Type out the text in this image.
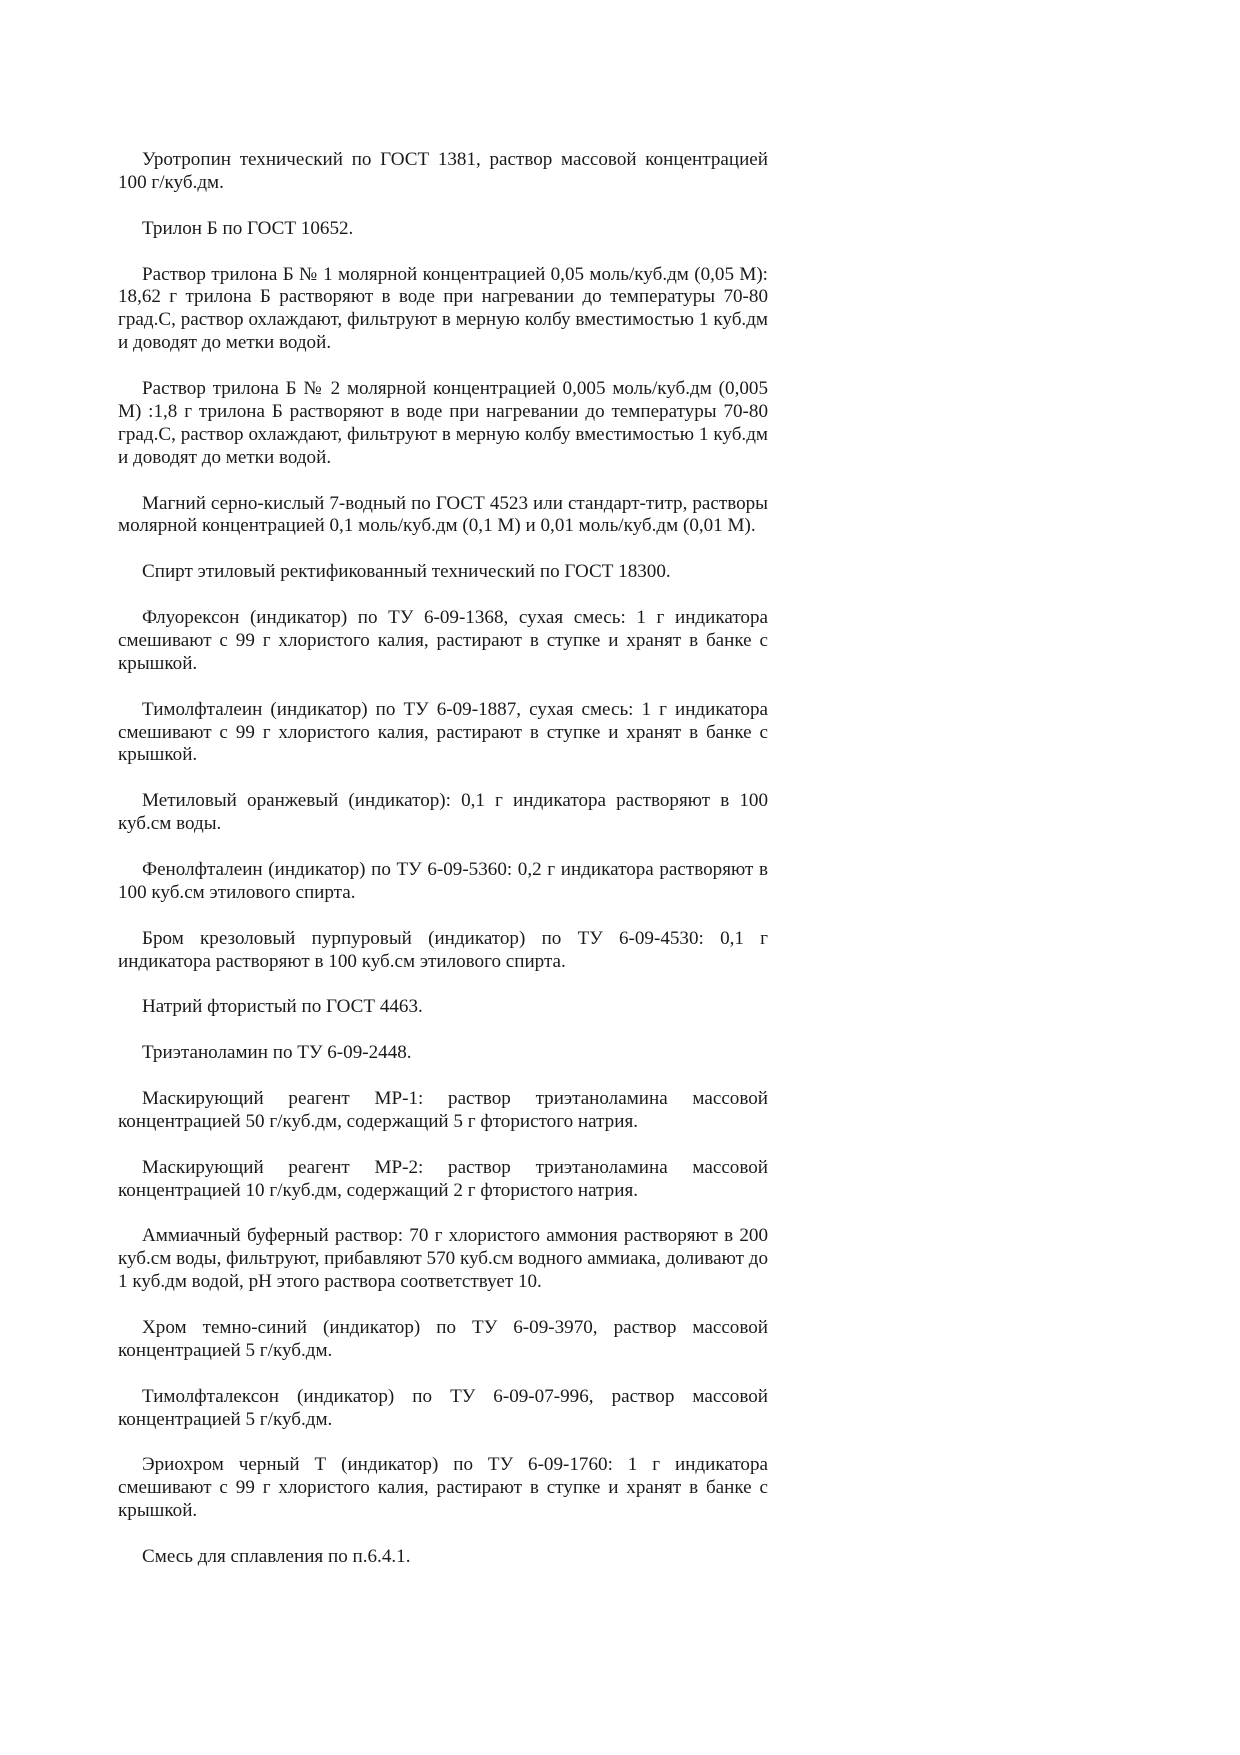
Уротропин технический по ГОСТ 1381, раствор массовой концентрацией 100 г/куб.дм.

Трилон Б по ГОСТ 10652.

Раствор трилона Б № 1 молярной концентрацией 0,05 моль/куб.дм (0,05 М): 18,62 г трилона Б растворяют в воде при нагревании до температуры 70-80 град.С, раствор охлаждают, фильтруют в мерную колбу вместимостью 1 куб.дм и доводят до метки водой.

Раствор трилона Б № 2 молярной концентрацией 0,005 моль/куб.дм (0,005 М) :1,8 г трилона Б растворяют в воде при нагревании до температуры 70-80 град.С, раствор охлаждают, фильтруют в мерную колбу вместимостью 1 куб.дм и доводят до метки водой.

Магний серно-кислый 7-водный по ГОСТ 4523 или стандарт-титр, растворы молярной концентрацией 0,1 моль/куб.дм (0,1 М) и 0,01 моль/куб.дм (0,01 М).

Спирт этиловый ректификованный технический по ГОСТ 18300.

Флуорексон (индикатор) по ТУ 6-09-1368, сухая смесь: 1 г индикатора смешивают с 99 г хлористого калия, растирают в ступке и хранят в банке с крышкой.

Тимолфталеин (индикатор) по ТУ 6-09-1887, сухая смесь: 1 г индикатора смешивают с 99 г хлористого калия, растирают в ступке и хранят в банке с крышкой.

Метиловый оранжевый (индикатор): 0,1 г индикатора растворяют в 100 куб.см воды.

Фенолфталеин (индикатор) по ТУ 6-09-5360: 0,2 г индикатора растворяют в 100 куб.см этилового спирта.

Бром крезоловый пурпуровый (индикатор) по ТУ 6-09-4530: 0,1 г индикатора растворяют в 100 куб.см этилового спирта.

Натрий фтористый по ГОСТ 4463.

Триэтаноламин по ТУ 6-09-2448.

Маскирующий реагент МР-1: раствор триэтаноламина массовой концентрацией 50 г/куб.дм, содержащий 5 г фтористого натрия.

Маскирующий реагент МР-2: раствор триэтаноламина массовой концентрацией 10 г/куб.дм, содержащий 2 г фтористого натрия.

Аммиачный буферный раствор: 70 г хлористого аммония растворяют в 200 куб.см воды, фильтруют, прибавляют 570 куб.см водного аммиака, доливают до 1 куб.дм водой, pH этого раствора соответствует 10.

Хром темно-синий (индикатор) по ТУ 6-09-3970, раствор массовой концентрацией 5 г/куб.дм.

Тимолфталексон (индикатор) по ТУ 6-09-07-996, раствор массовой концентрацией 5 г/куб.дм.

Эриохром черный Т (индикатор) по ТУ 6-09-1760: 1 г индикатора смешивают с 99 г хлористого калия, растирают в ступке и хранят в банке с крышкой.

Смесь для сплавления по п.6.4.1.
